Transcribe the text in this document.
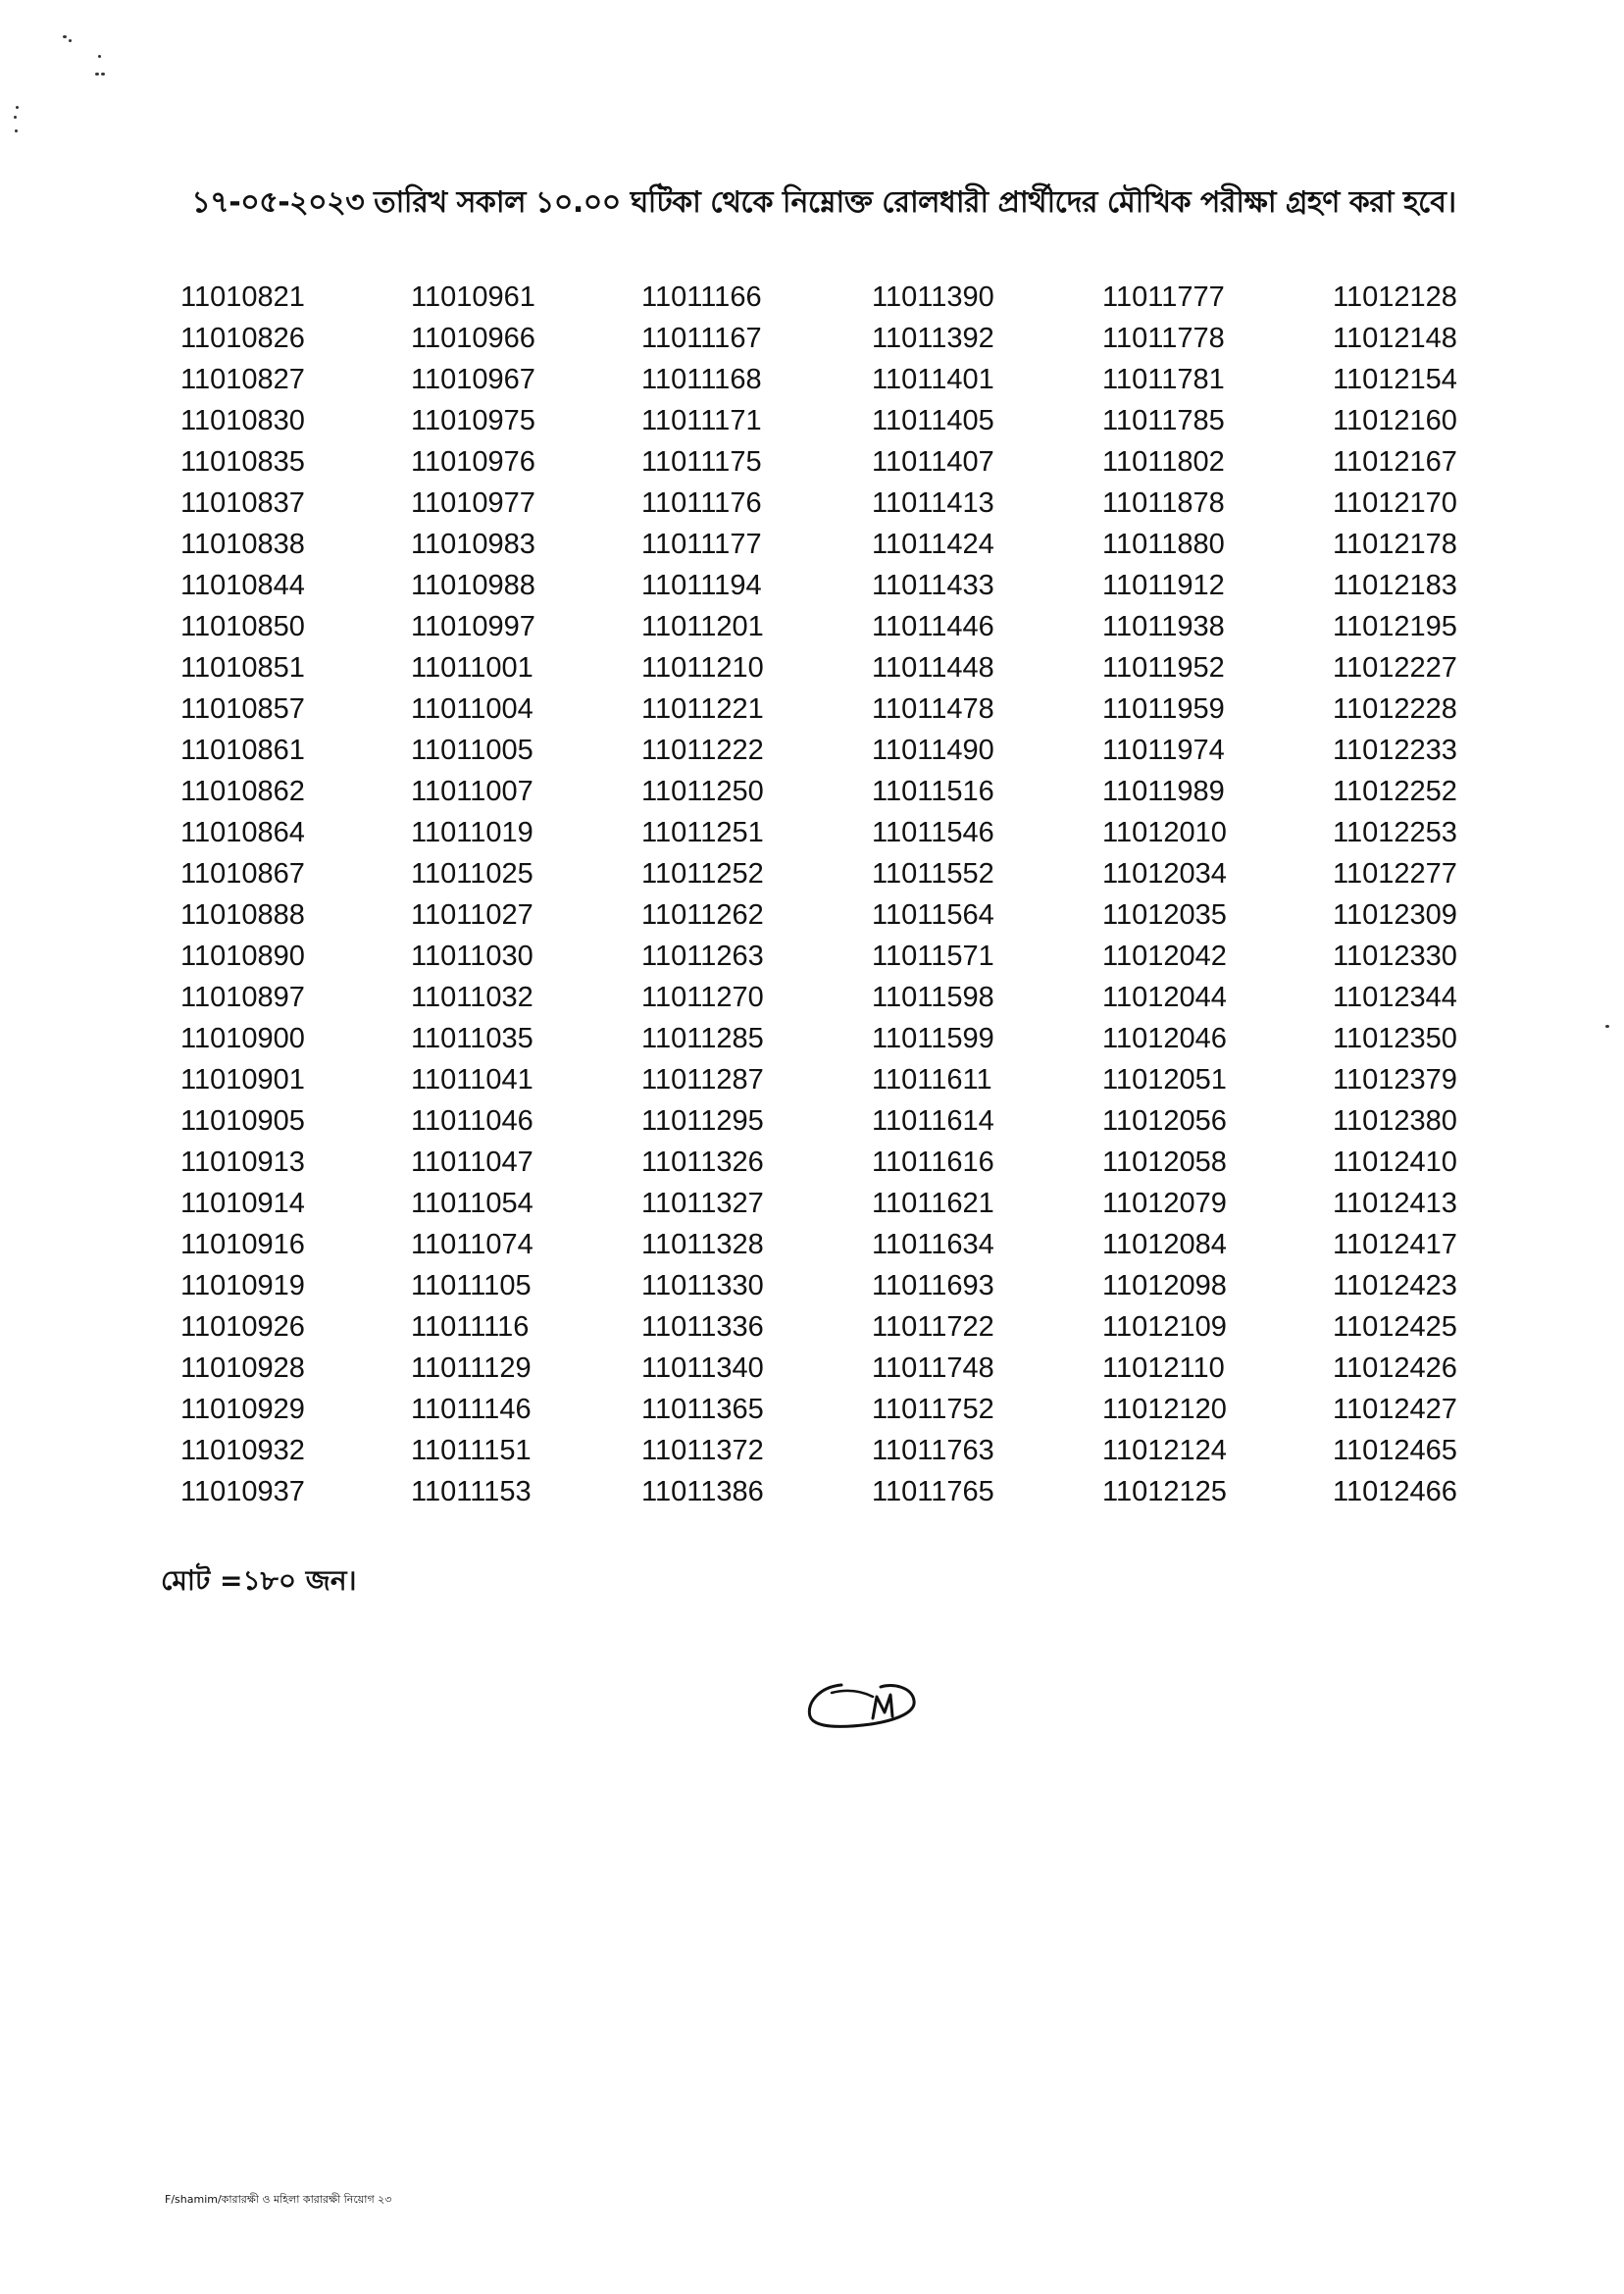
১৭-০৫-২০২৩ তারিখ সকাল ১০.০০ ঘটিকা থেকে নিম্নোক্ত রোলধারী প্রার্থীদের মৌখিক পরীক্ষা গ্রহণ করা হবে।
11010821
11010826
11010827
11010830
11010835
11010837
11010838
11010844
11010850
11010851
11010857
11010861
11010862
11010864
11010867
11010888
11010890
11010897
11010900
11010901
11010905
11010913
11010914
11010916
11010919
11010926
11010928
11010929
11010932
11010937
11010961
11010966
11010967
11010975
11010976
11010977
11010983
11010988
11010997
11011001
11011004
11011005
11011007
11011019
11011025
11011027
11011030
11011032
11011035
11011041
11011046
11011047
11011054
11011074
11011105
11011116
11011129
11011146
11011151
11011153
11011166
11011167
11011168
11011171
11011175
11011176
11011177
11011194
11011201
11011210
11011221
11011222
11011250
11011251
11011252
11011262
11011263
11011270
11011285
11011287
11011295
11011326
11011327
11011328
11011330
11011336
11011340
11011365
11011372
11011386
11011390
11011392
11011401
11011405
11011407
11011413
11011424
11011433
11011446
11011448
11011478
11011490
11011516
11011546
11011552
11011564
11011571
11011598
11011599
11011611
11011614
11011616
11011621
11011634
11011693
11011722
11011748
11011752
11011763
11011765
11011777
11011778
11011781
11011785
11011802
11011878
11011880
11011912
11011938
11011952
11011959
11011974
11011989
11012010
11012034
11012035
11012042
11012044
11012046
11012051
11012056
11012058
11012079
11012084
11012098
11012109
11012110
11012120
11012124
11012125
11012128
11012148
11012154
11012160
11012167
11012170
11012178
11012183
11012195
11012227
11012228
11012233
11012252
11012253
11012277
11012309
11012330
11012344
11012350
11012379
11012380
11012410
11012413
11012417
11012423
11012425
11012426
11012427
11012465
11012466
মোট =১৮০ জন।
F/shamim/কারারক্ষী ও মহিলা কারারক্ষী নিয়োগ ২৩
